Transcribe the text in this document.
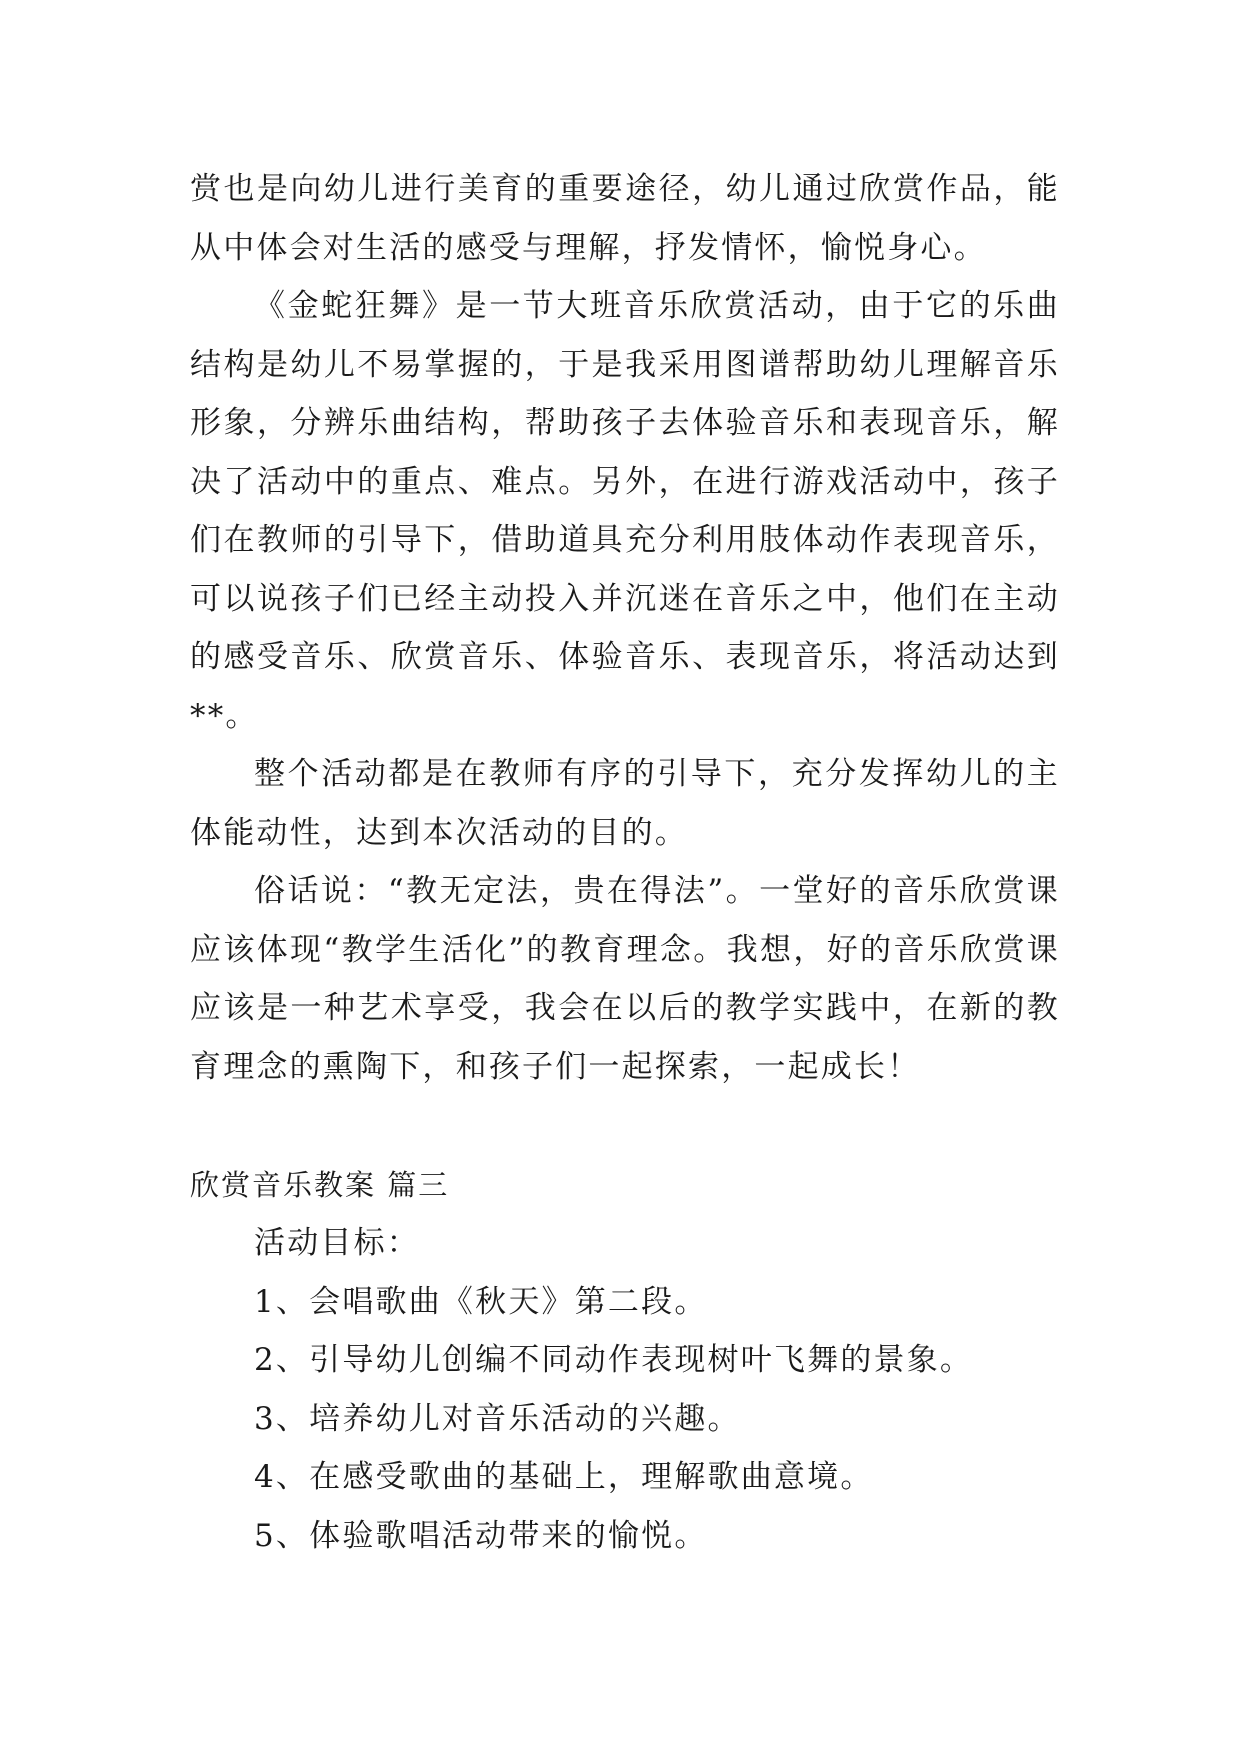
赏也是向幼儿进行美育的重要途径，幼儿通过欣赏作品，能从中体会对生活的感受与理解，抒发情怀，愉悦身心。

《金蛇狂舞》是一节大班音乐欣赏活动，由于它的乐曲结构是幼儿不易掌握的，于是我采用图谱帮助幼儿理解音乐形象，分辨乐曲结构，帮助孩子去体验音乐和表现音乐，解决了活动中的重点、难点。另外，在进行游戏活动中，孩子们在教师的引导下，借助道具充分利用肢体动作表现音乐，可以说孩子们已经主动投入并沉迷在音乐之中，他们在主动的感受音乐、欣赏音乐、体验音乐、表现音乐，将活动达到**。

整个活动都是在教师有序的引导下，充分发挥幼儿的主体能动性，达到本次活动的目的。

俗话说：“教无定法，贵在得法”。一堂好的音乐欣赏课应该体现“教学生活化”的教育理念。我想，好的音乐欣赏课应该是一种艺术享受，我会在以后的教学实践中，在新的教育理念的熏陶下，和孩子们一起探索，一起成长！

欣赏音乐教案 篇三

活动目标：

1、会唱歌曲《秋天》第二段。
2、引导幼儿创编不同动作表现树叶飞舞的景象。
3、培养幼儿对音乐活动的兴趣。
4、在感受歌曲的基础上，理解歌曲意境。
5、体验歌唱活动带来的愉悦。
